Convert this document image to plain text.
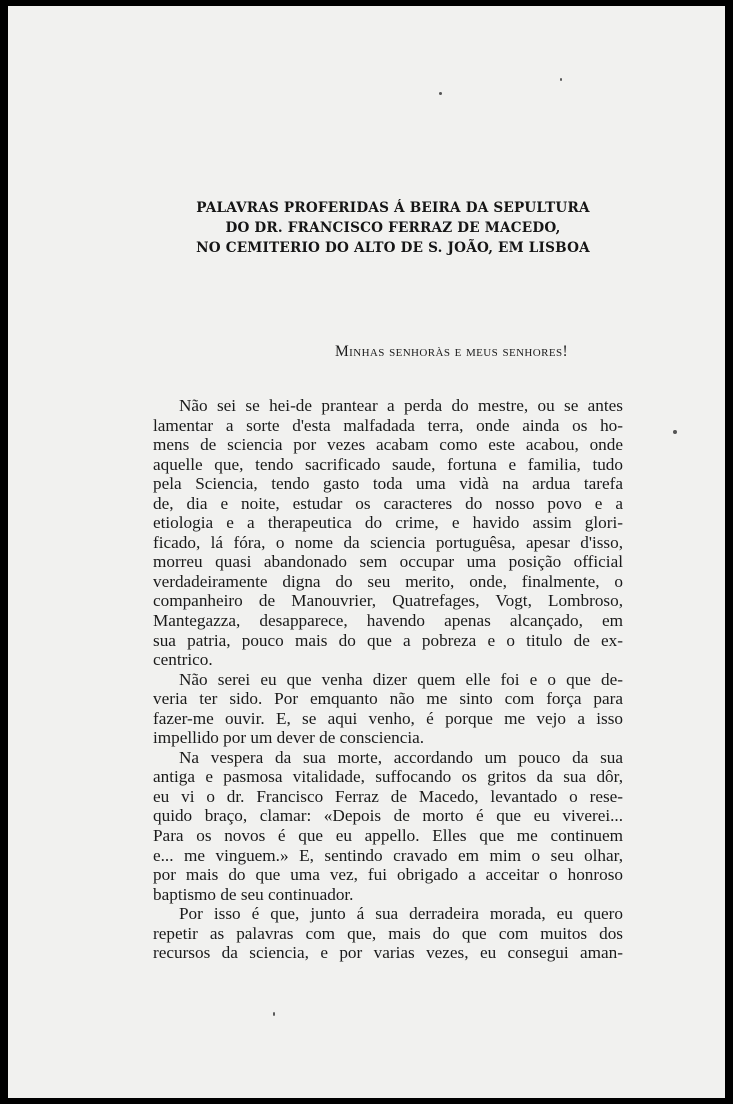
PALAVRAS PROFERIDAS Á BEIRA DA SEPULTURA
DO DR. FRANCISCO FERRAZ DE MACEDO,
NO CEMITERIO DO ALTO DE S. JOÃO, EM LISBOA
Minhas senhoràs e meus senhores!
Não sei se hei-de prantear a perda do mestre, ou se antes
lamentar a sorte d'esta malfadada terra, onde ainda os ho-
mens de sciencia por vezes acabam como este acabou, onde
aquelle que, tendo sacrificado saude, fortuna e familia, tudo
pela Sciencia, tendo gasto toda uma vidà na ardua tarefa
de, dia e noite, estudar os caracteres do nosso povo e a
etiologia e a therapeutica do crime, e havido assim glori-
ficado, lá fóra, o nome da sciencia portuguêsa, apesar d'isso,
morreu quasi abandonado sem occupar uma posição official
verdadeiramente digna do seu merito, onde, finalmente, o
companheiro de Manouvrier, Quatrefages, Vogt, Lombroso,
Mantegazza, desapparece, havendo apenas alcançado, em
sua patria, pouco mais do que a pobreza e o titulo de ex-
centrico.
Não serei eu que venha dizer quem elle foi e o que de-
veria ter sido. Por emquanto não me sinto com força para
fazer-me ouvir. E, se aqui venho, é porque me vejo a isso
impellido por um dever de consciencia.
Na vespera da sua morte, accordando um pouco da sua
antiga e pasmosa vitalidade, suffocando os gritos da sua dôr,
eu vi o dr. Francisco Ferraz de Macedo, levantado o rese-
quido braço, clamar: «Depois de morto é que eu viverei...
Para os novos é que eu appello. Elles que me continuem
e... me vinguem.» E, sentindo cravado em mim o seu olhar,
por mais do que uma vez, fui obrigado a acceitar o honroso
baptismo de seu continuador.
Por isso é que, junto á sua derradeira morada, eu quero
repetir as palavras com que, mais do que com muitos dos
recursos da sciencia, e por varias vezes, eu consegui aman-
